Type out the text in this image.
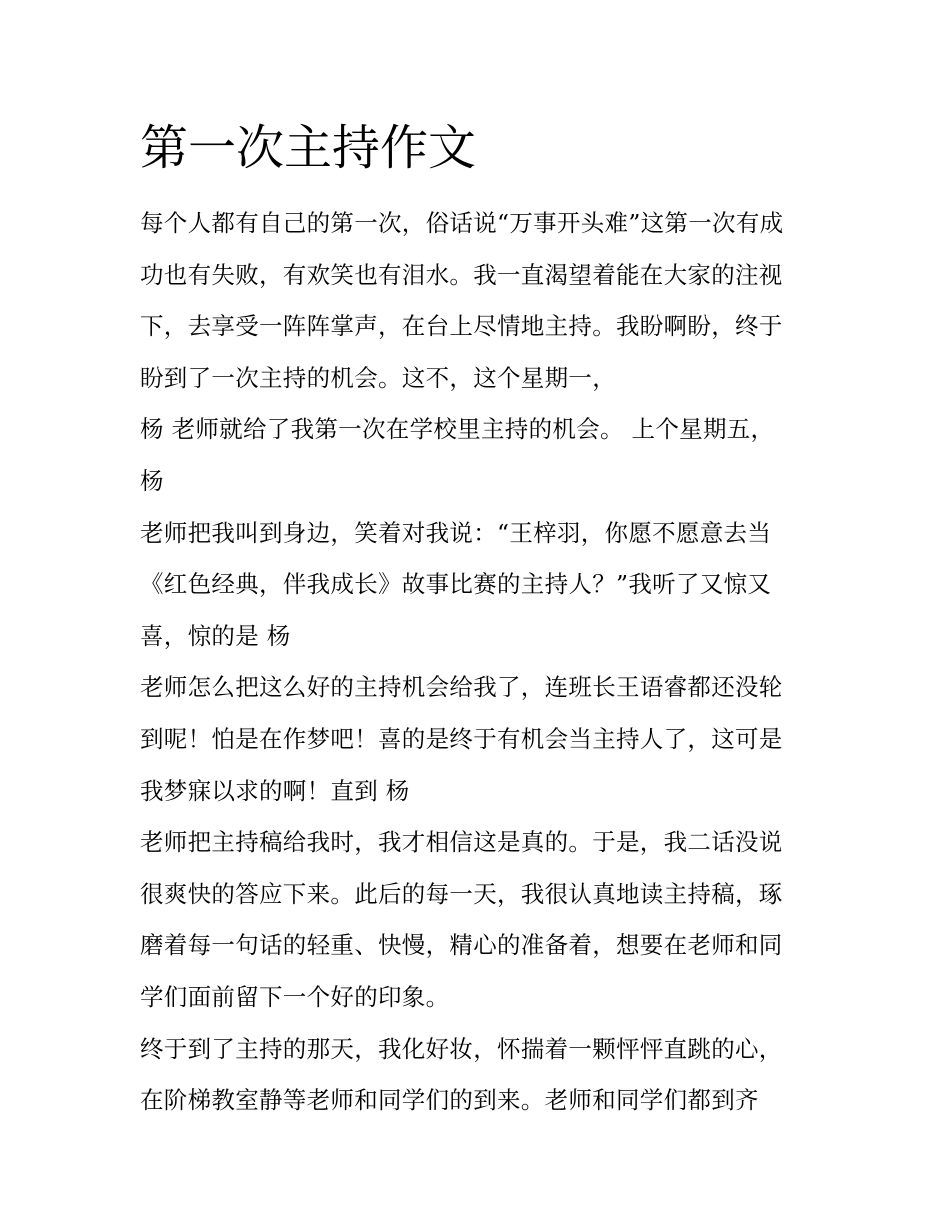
第一次主持作文
每个人都有自己的第一次，俗话说“万事开头难”这第一次有成
功也有失败，有欢笑也有泪水。我一直渴望着能在大家的注视
下，去享受一阵阵掌声，在台上尽情地主持。我盼啊盼，终于
盼到了一次主持的机会。这不，这个星期一，
杨 老师就给了我第一次在学校里主持的机会。 上个星期五，
杨
老师把我叫到身边，笑着对我说：“王梓羽，你愿不愿意去当
《红色经典，伴我成长》故事比赛的主持人？”我听了又惊又
喜，惊的是 杨
老师怎么把这么好的主持机会给我了，连班长王语睿都还没轮
到呢！怕是在作梦吧！喜的是终于有机会当主持人了，这可是
我梦寐以求的啊！直到 杨
老师把主持稿给我时，我才相信这是真的。于是，我二话没说
很爽快的答应下来。此后的每一天，我很认真地读主持稿，琢
磨着每一句话的轻重、快慢，精心的准备着，想要在老师和同
学们面前留下一个好的印象。
终于到了主持的那天，我化好妆，怀揣着一颗怦怦直跳的心，
在阶梯教室静等老师和同学们的到来。老师和同学们都到齐
